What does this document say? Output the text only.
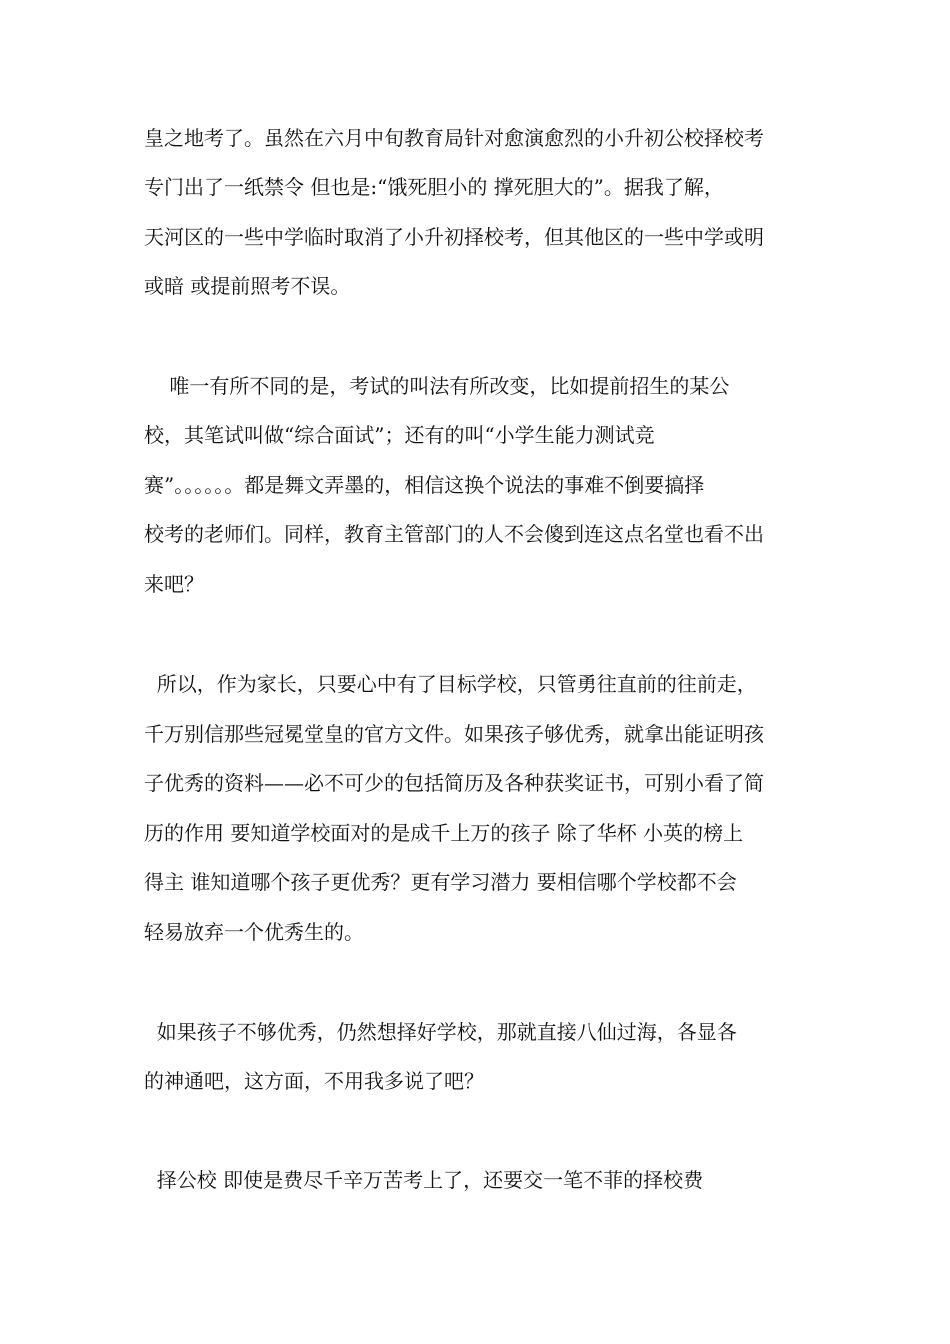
皇之地考了。虽然在六月中旬教育局针对愈演愈烈的小升初公校择校考
专门出了一纸禁令 但也是:“饿死胆小的 撑死胆大的”。据我了解，
天河区的一些中学临时取消了小升初择校考，但其他区的一些中学或明
或暗 或提前照考不误。
唯一有所不同的是，考试的叫法有所改变，比如提前招生的某公
校，其笔试叫做“综合面试”；还有的叫“小学生能力测试竞
赛”。。。。。。都是舞文弄墨的，相信这换个说法的事难不倒要搞择
校考的老师们。同样，教育主管部门的人不会傻到连这点名堂也看不出
来吧？
所以，作为家长，只要心中有了目标学校，只管勇往直前的往前走，
千万别信那些冠冕堂皇的官方文件。如果孩子够优秀，就拿出能证明孩
子优秀的资料——必不可少的包括简历及各种获奖证书，可别小看了简
历的作用 要知道学校面对的是成千上万的孩子 除了华杯 小英的榜上
得主 谁知道哪个孩子更优秀？更有学习潜力 要相信哪个学校都不会
轻易放弃一个优秀生的。
如果孩子不够优秀，仍然想择好学校，那就直接八仙过海，各显各
的神通吧，这方面，不用我多说了吧？
择公校 即使是费尽千辛万苦考上了，还要交一笔不菲的择校费
